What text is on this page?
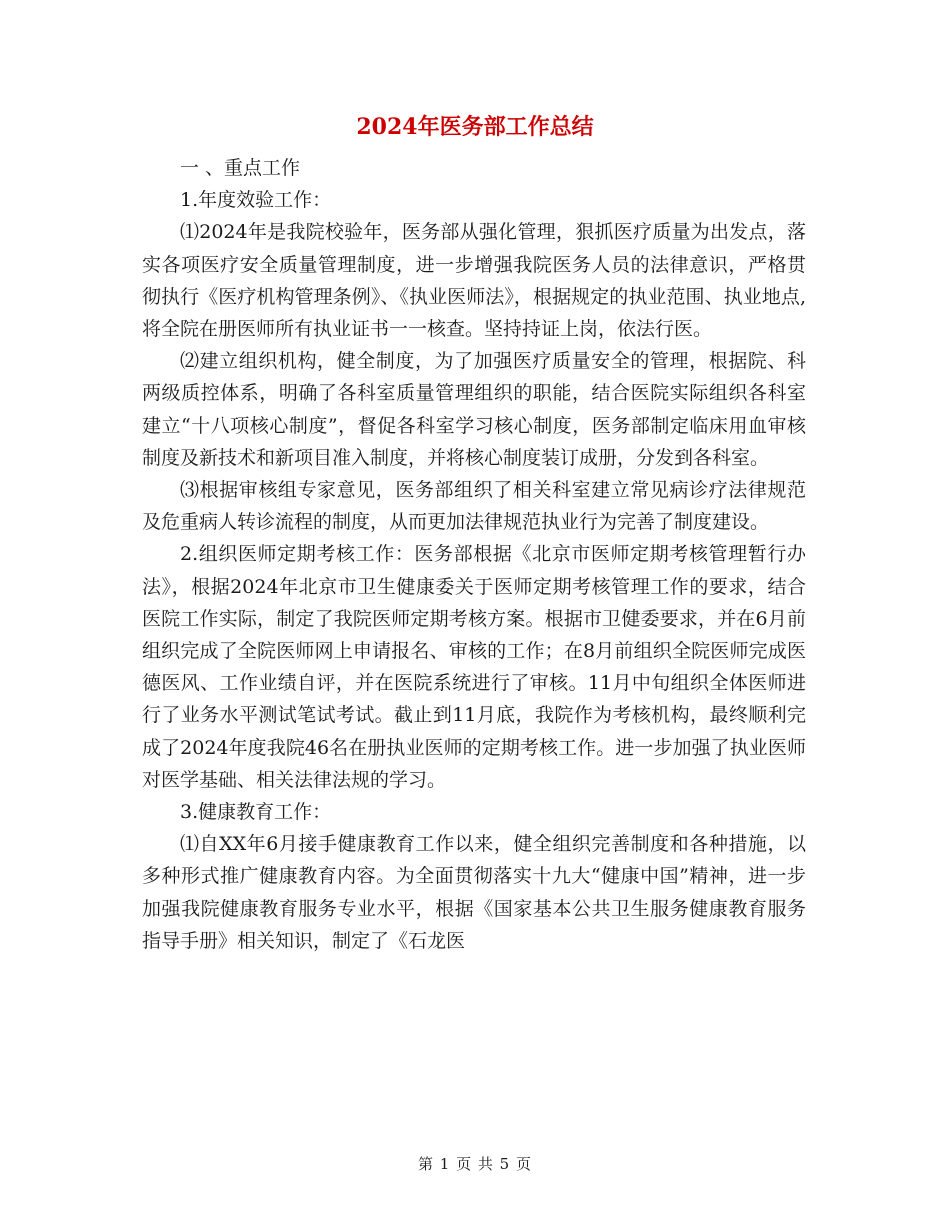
2024年医务部工作总结

一 、重点工作

1.年度效验工作：

⑴2024年是我院校验年，医务部从强化管理，狠抓医疗质量为出发点，落实各项医疗安全质量管理制度，进一步增强我院医务人员的法律意识，严格贯彻执行《医疗机构管理条例》、《执业医师法》，根据规定的执业范围、执业地点,将全院在册医师所有执业证书一一核查。坚持持证上岗，依法行医。

⑵建立组织机构，健全制度，为了加强医疗质量安全的管理，根据院、科两级质控体系，明确了各科室质量管理组织的职能，结合医院实际组织各科室建立“十八项核心制度”，督促各科室学习核心制度，医务部制定临床用血审核制度及新技术和新项目准入制度，并将核心制度装订成册，分发到各科室。

⑶根据审核组专家意见，医务部组织了相关科室建立常见病诊疗法律规范及危重病人转诊流程的制度，从而更加法律规范执业行为完善了制度建设。

2.组织医师定期考核工作：医务部根据《北京市医师定期考核管理暂行办法》，根据2024年北京市卫生健康委关于医师定期考核管理工作的要求，结合医院工作实际，制定了我院医师定期考核方案。根据市卫健委要求，并在6月前组织完成了全院医师网上申请报名、审核的工作；在8月前组织全院医师完成医德医风、工作业绩自评，并在医院系统进行了审核。11月中旬组织全体医师进行了业务水平测试笔试考试。截止到11月底，我院作为考核机构，最终顺利完成了2024年度我院46名在册执业医师的定期考核工作。进一步加强了执业医师对医学基础、相关法律法规的学习。

3.健康教育工作：

⑴自XX年6月接手健康教育工作以来，健全组织完善制度和各种措施，以多种形式推广健康教育内容。为全面贯彻落实十九大“健康中国”精神，进一步加强我院健康教育服务专业水平，根据《国家基本公共卫生服务健康教育服务指导手册》相关知识，制定了《石龙医

第 1 页 共 5 页
